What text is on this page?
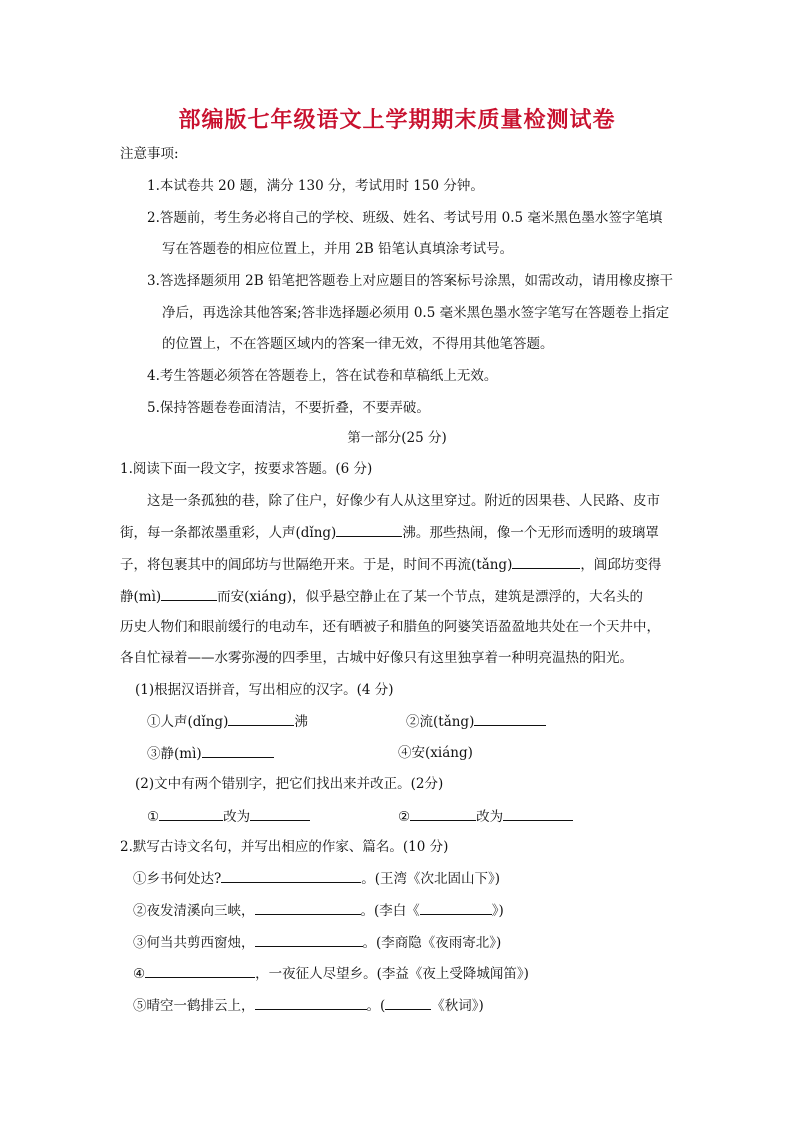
部编版七年级语文上学期期末质量检测试卷
注意事项:
1.本试卷共 20 题，满分 130 分，考试用时 150 分钟。
2.答题前，考生务必将自己的学校、班级、姓名、考试号用 0.5 毫米黑色墨水签字笔填
写在答题卷的相应位置上，并用 2B 铅笔认真填涂考试号。
3.答选择题须用 2B 铅笔把答题卷上对应题目的答案标号涂黑，如需改动，请用橡皮擦干
净后，再选涂其他答案;答非选择题必须用 0.5 毫米黑色墨水签字笔写在答题卷上指定
的位置上，不在答题区域内的答案一律无效，不得用其他笔答题。
4.考生答题必须答在答题卷上，答在试卷和草稿纸上无效。
5.保持答题卷卷面清洁，不要折叠，不要弄破。
第一部分(25 分)
1.阅读下面一段文字，按要求答题。(6 分)
这是一条孤独的巷，除了住户，好像少有人从这里穿过。附近的因果巷、人民路、皮市
街，每一条都浓墨重彩，人声(dǐng)	沸。那些热闹，像一个无形而透明的玻璃罩
子，将包裹其中的阊邱坊与世隔绝开来。于是，时间不再流(tǎng)	，阊邱坊变得
静(mì)	而安(xiáng)，似乎悬空静止在了某一个节点，建筑是漂浮的，大名头的
历史人物们和眼前缓行的电动车，还有晒被子和腊鱼的阿婆笑语盈盈地共处在一个天井中，
各自忙禄着——水雾弥漫的四季里，古城中好像只有这里独享着一种明亮温热的阳光。
(1)根据汉语拼音，写出相应的汉字。(4 分)
①人声(dǐng)	沸	②流(tǎng)
③静(mì)	④安(xiáng)
(2)文中有两个错别字，把它们找出来并改正。(2分)
①	改为	②	改为
2.默写古诗文名句，并写出相应的作家、篇名。(10 分)
①乡书何处达?	。(王湾《次北固山下》)
②夜发清溪向三峡，	。(李白《	》)
③何当共剪西窗烛，	。(李商隐《夜雨寄北》)
④	，一夜征人尽望乡。(李益《夜上受降城闻笛》)
⑤晴空一鹤排云上，	。(	《秋词》)
